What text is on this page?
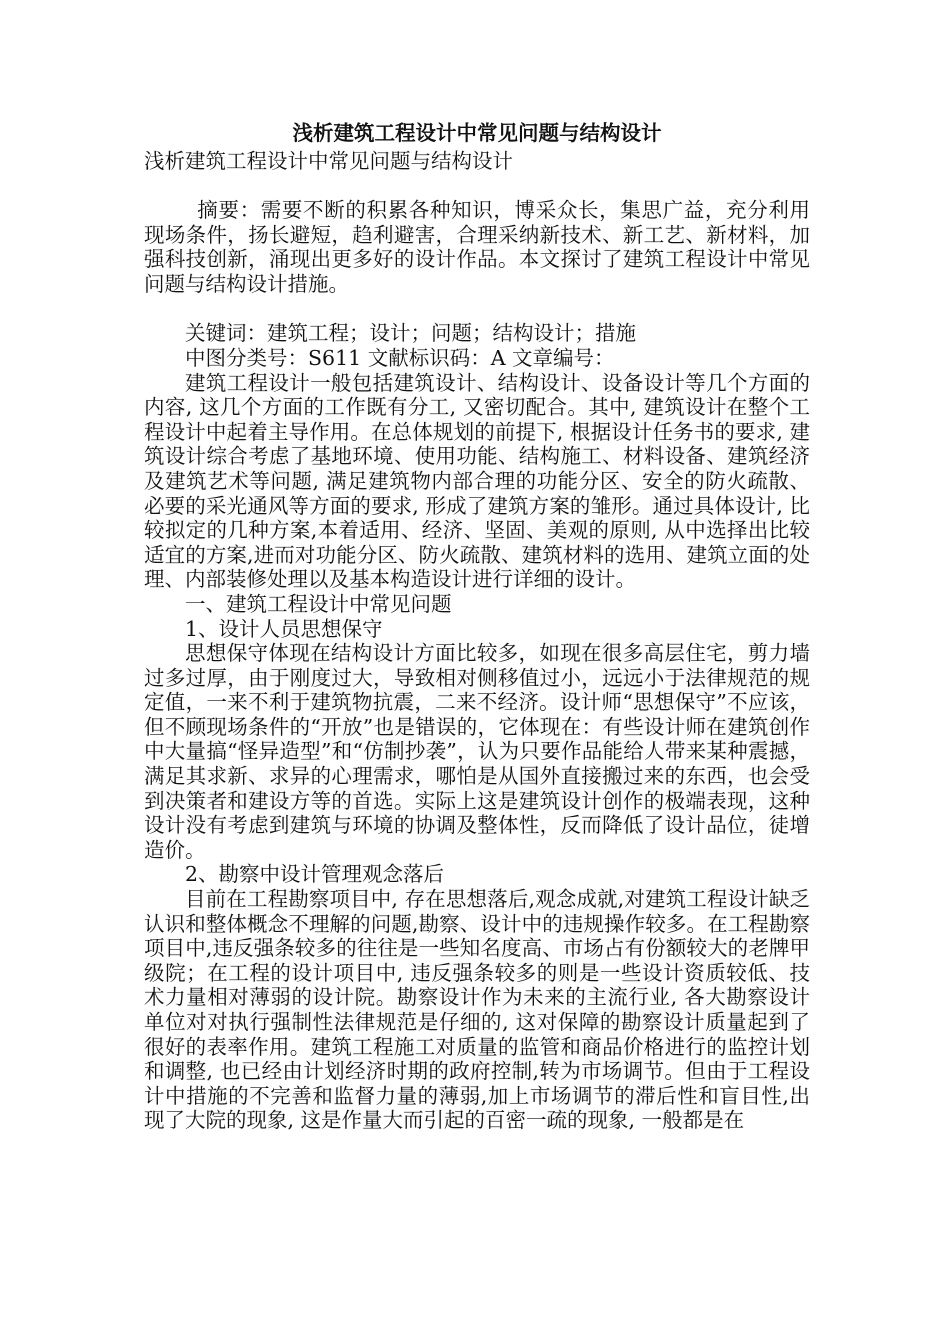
浅析建筑工程设计中常见问题与结构设计

浅析建筑工程设计中常见问题与结构设计

摘要：需要不断的积累各种知识，博采众长，集思广益，充分利用现场条件，扬长避短，趋利避害，合理采纳新技术、新工艺、新材料，加强科技创新，涌现出更多好的设计作品。本文探讨了建筑工程设计中常见问题与结构设计措施。

关键词：建筑工程；设计；问题；结构设计；措施

中图分类号：S611 文献标识码：A 文章编号：

建筑工程设计一般包括建筑设计、结构设计、设备设计等几个方面的内容, 这几个方面的工作既有分工, 又密切配合。其中, 建筑设计在整个工程设计中起着主导作用。在总体规划的前提下, 根据设计任务书的要求, 建筑设计综合考虑了基地环境、使用功能、结构施工、材料设备、建筑经济及建筑艺术等问题, 满足建筑物内部合理的功能分区、安全的防火疏散、必要的采光通风等方面的要求, 形成了建筑方案的雏形。通过具体设计, 比较拟定的几种方案,本着适用、经济、坚固、美观的原则, 从中选择出比较适宜的方案,进而对功能分区、防火疏散、建筑材料的选用、建筑立面的处理、内部装修处理以及基本构造设计进行详细的设计。

一、建筑工程设计中常见问题

1、设计人员思想保守

思想保守体现在结构设计方面比较多，如现在很多高层住宅，剪力墙过多过厚，由于刚度过大，导致相对侧移值过小，远远小于法律规范的规定值，一来不利于建筑物抗震，二来不经济。设计师“思想保守”不应该，但不顾现场条件的“开放”也是错误的，它体现在：有些设计师在建筑创作中大量搞“怪异造型”和“仿制抄袭”，认为只要作品能给人带来某种震撼，满足其求新、求异的心理需求，哪怕是从国外直接搬过来的东西，也会受到决策者和建设方等的首选。实际上这是建筑设计创作的极端表现，这种设计没有考虑到建筑与环境的协调及整体性，反而降低了设计品位，徒增造价。

2、勘察中设计管理观念落后

目前在工程勘察项目中, 存在思想落后,观念成就,对建筑工程设计缺乏认识和整体概念不理解的问题,勘察、设计中的违规操作较多。在工程勘察项目中,违反强条较多的往往是一些知名度高、市场占有份额较大的老牌甲级院；在工程的设计项目中, 违反强条较多的则是一些设计资质较低、技术力量相对薄弱的设计院。勘察设计作为未来的主流行业, 各大勘察设计单位对对执行强制性法律规范是仔细的, 这对保障的勘察设计质量起到了很好的表率作用。建筑工程施工对质量的监管和商品价格进行的监控计划和调整, 也已经由计划经济时期的政府控制,转为市场调节。但由于工程设计中措施的不完善和监督力量的薄弱,加上市场调节的滞后性和盲目性,出现了大院的现象, 这是作量大而引起的百密一疏的现象, 一般都是在
